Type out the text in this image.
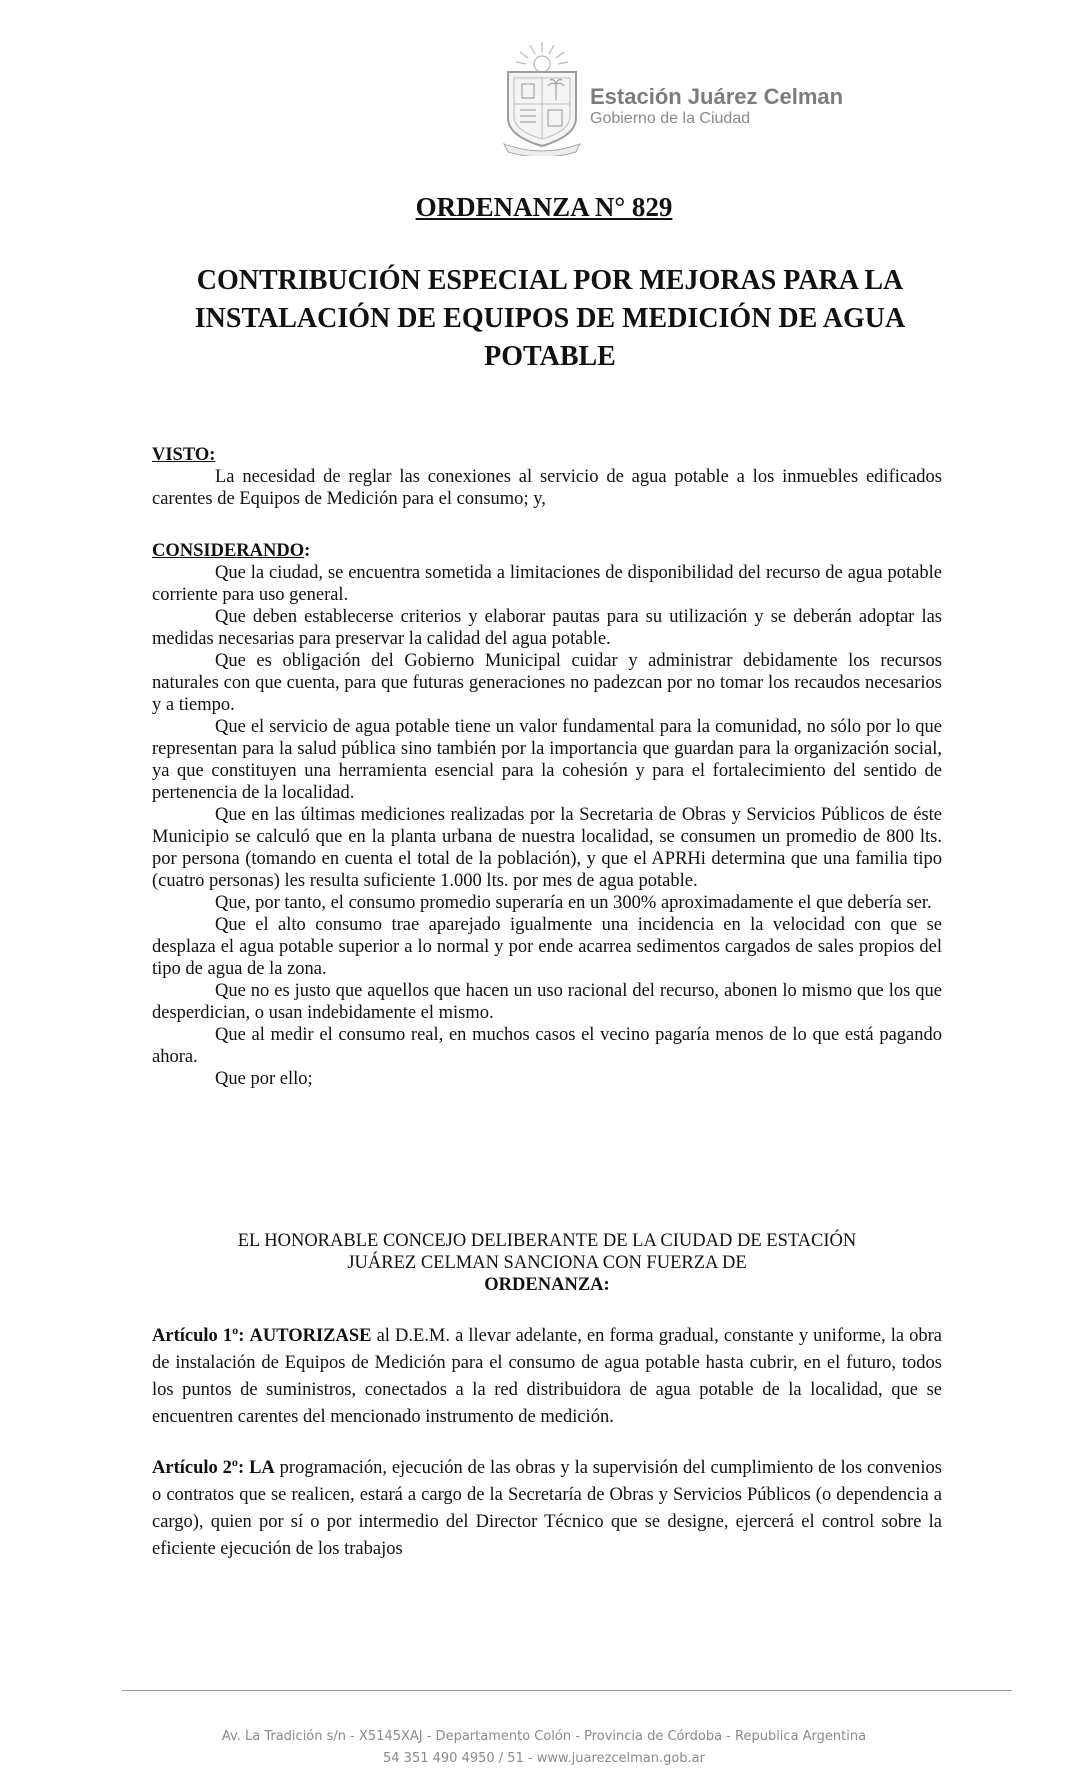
Estación Juárez Celman
Gobierno de la Ciudad
ORDENANZA N° 829
CONTRIBUCIÓN ESPECIAL POR MEJORAS PARA LA INSTALACIÓN DE EQUIPOS DE MEDICIÓN DE AGUA POTABLE

VISTO:

La necesidad de reglar las conexiones al servicio de agua potable a los inmuebles edificados carentes de Equipos de Medición para el consumo; y,

CONSIDERANDO:

Que la ciudad, se encuentra sometida a limitaciones de disponibilidad del recurso de agua potable corriente para uso general.

Que deben establecerse criterios y elaborar pautas para su utilización y se deberán adoptar las medidas necesarias para preservar la calidad del agua potable.

Que es obligación del Gobierno Municipal cuidar y administrar debidamente los recursos naturales con que cuenta, para que futuras generaciones no padezcan por no tomar los recaudos necesarios y a tiempo.

Que el servicio de agua potable tiene un valor fundamental para la comunidad, no sólo por lo que representan para la salud pública sino también por la importancia que guardan para la organización social, ya que constituyen una herramienta esencial para la cohesión y para el fortalecimiento del sentido de pertenencia de la localidad.

Que en las últimas mediciones realizadas por la Secretaria de Obras y Servicios Públicos de éste Municipio se calculó que en la planta urbana de nuestra localidad, se consumen un promedio de 800 lts. por persona (tomando en cuenta el total de la población), y que el APRHi determina que una familia tipo (cuatro personas) les resulta suficiente 1.000 lts. por mes de agua potable.

Que, por tanto, el consumo promedio superaría en un 300% aproximadamente el que debería ser.

Que el alto consumo trae aparejado igualmente una incidencia en la velocidad con que se desplaza el agua potable superior a lo normal y por ende acarrea sedimentos cargados de sales propios del tipo de agua de la zona.

Que no es justo que aquellos que hacen un uso racional del recurso, abonen lo mismo que los que desperdician, o usan indebidamente el mismo.

Que al medir el consumo real, en muchos casos el vecino pagaría menos de lo que está pagando ahora.

Que por ello;

EL HONORABLE CONCEJO DELIBERANTE DE LA CIUDAD DE ESTACIÓN
JUÁREZ CELMAN SANCIONA CON FUERZA DE
ORDENANZA:

Artículo 1º: AUTORIZASE al D.E.M. a llevar adelante, en forma gradual, constante y uniforme, la obra de instalación de Equipos de Medición para el consumo de agua potable hasta cubrir, en el futuro, todos los puntos de suministros, conectados a la red distribuidora de agua potable de la localidad, que se encuentren carentes del mencionado instrumento de medición.

Artículo 2º: LA programación, ejecución de las obras y la supervisión del cumplimiento de los convenios o contratos que se realicen, estará a cargo de la Secretaría de Obras y Servicios Públicos (o dependencia a cargo), quien por sí o por intermedio del Director Técnico que se designe, ejercerá el control sobre la eficiente ejecución de los trabajos

Av. La Tradición s/n - X5145XAJ - Departamento Colón - Provincia de Córdoba - Republica Argentina
54 351 490 4950 / 51 - www.juarezcelman.gob.ar
